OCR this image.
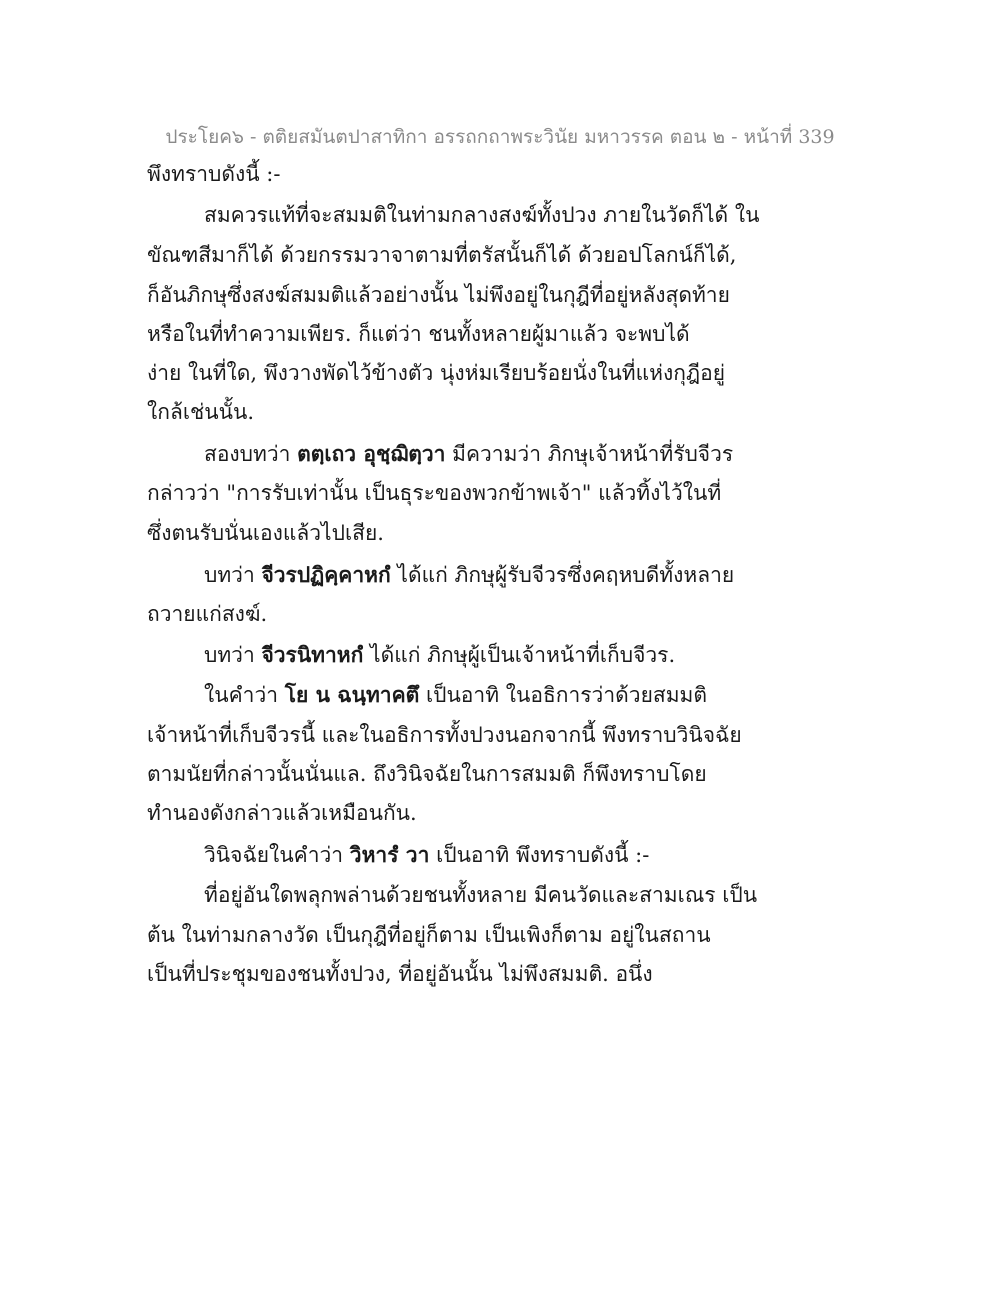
ประโยค๖ - ตติยสมันตปาสาทิกา อรรถกถาพระวินัย มหาวรรค ตอน ๒ - หน้าที่ 339
พึงทราบดังนี้ :-
สมควรแท้ที่จะสมมติในท่ามกลางสงฆ์ทั้งปวง ภายในวัดก็ได้ ใน
ขัณฑสีมาก็ได้ ด้วยกรรมวาจาตามที่ตรัสนั้นก็ได้ ด้วยอปโลกน์ก็ได้,
ก็อันภิกษุซึ่งสงฆ์สมมติแล้วอย่างนั้น ไม่พึงอยู่ในกุฎีที่อยู่หลังสุดท้าย
หรือในที่ทำความเพียร. ก็แต่ว่า ชนทั้งหลายผู้มาแล้ว จะพบได้
ง่าย ในที่ใด, พึงวางพัดไว้ข้างตัว นุ่งห่มเรียบร้อยนั่งในที่แห่งกุฎีอยู่
ใกล้เช่นนั้น.
สองบทว่า ตตฺเถว อุชฺฌิตฺวา มีความว่า ภิกษุเจ้าหน้าที่รับจีวร
กล่าวว่า "การรับเท่านั้น เป็นธุระของพวกข้าพเจ้า" แล้วทิ้งไว้ในที่
ซึ่งตนรับนั่นเองแล้วไปเสีย.
บทว่า จีวรปฏิคฺคาหกํ ได้แก่ ภิกษุผู้รับจีวรซึ่งคฤหบดีทั้งหลาย
ถวายแก่สงฆ์.
บทว่า จีวรนิทาหกํ ได้แก่ ภิกษุผู้เป็นเจ้าหน้าที่เก็บจีวร.
ในคำว่า โย น ฉนฺทาคตึ เป็นอาทิ ในอธิการว่าด้วยสมมติ
เจ้าหน้าที่เก็บจีวรนี้ และในอธิการทั้งปวงนอกจากนี้ พึงทราบวินิจฉัย
ตามนัยที่กล่าวนั้นนั่นแล. ถึงวินิจฉัยในการสมมติ ก็พึงทราบโดย
ทำนองดังกล่าวแล้วเหมือนกัน.
วินิจฉัยในคำว่า วิหารํ วา เป็นอาทิ พึงทราบดังนี้ :-
ที่อยู่อันใดพลุกพล่านด้วยชนทั้งหลาย มีคนวัดและสามเณร เป็น
ต้น ในท่ามกลางวัด เป็นกุฎีที่อยู่ก็ตาม เป็นเพิงก็ตาม อยู่ในสถาน
เป็นที่ประชุมของชนทั้งปวง, ที่อยู่อันนั้น ไม่พึงสมมติ. อนึ่ง
